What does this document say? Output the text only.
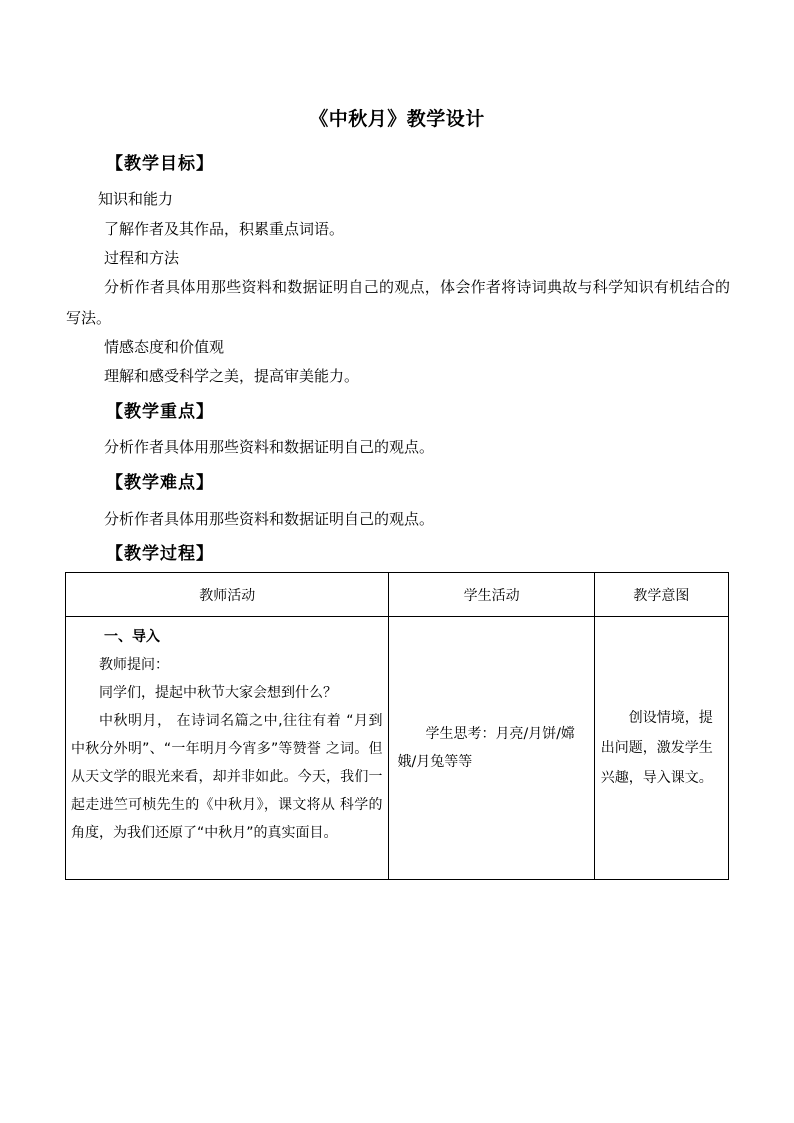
《中秋月》教学设计
【教学目标】
知识和能力
了解作者及其作品，积累重点词语。
过程和方法
分析作者具体用那些资料和数据证明自己的观点，体会作者将诗词典故与科学知识有机结合的写法。
情感态度和价值观
理解和感受科学之美，提高审美能力。
【教学重点】
分析作者具体用那些资料和数据证明自己的观点。
【教学难点】
分析作者具体用那些资料和数据证明自己的观点。
【教学过程】
教师活动	学生活动	教学意图

一、导入
教师提问：
同学们，提起中秋节大家会想到什么？
中秋明月， 在诗词名篇之中,往往有着 “月到中秋分外明”、“一年明月今宵多”等赞誉 之词。但从天文学的眼光来看，却并非如此。今天，我们一起走进竺可桢先生的《中秋月》，课文将从 科学的角度，为我们还原了“中秋月”的真实面目。	学生思考：月亮/月饼/嫦娥/月兔等等	创设情境，提出问题，激发学生兴趣，导入课文。
